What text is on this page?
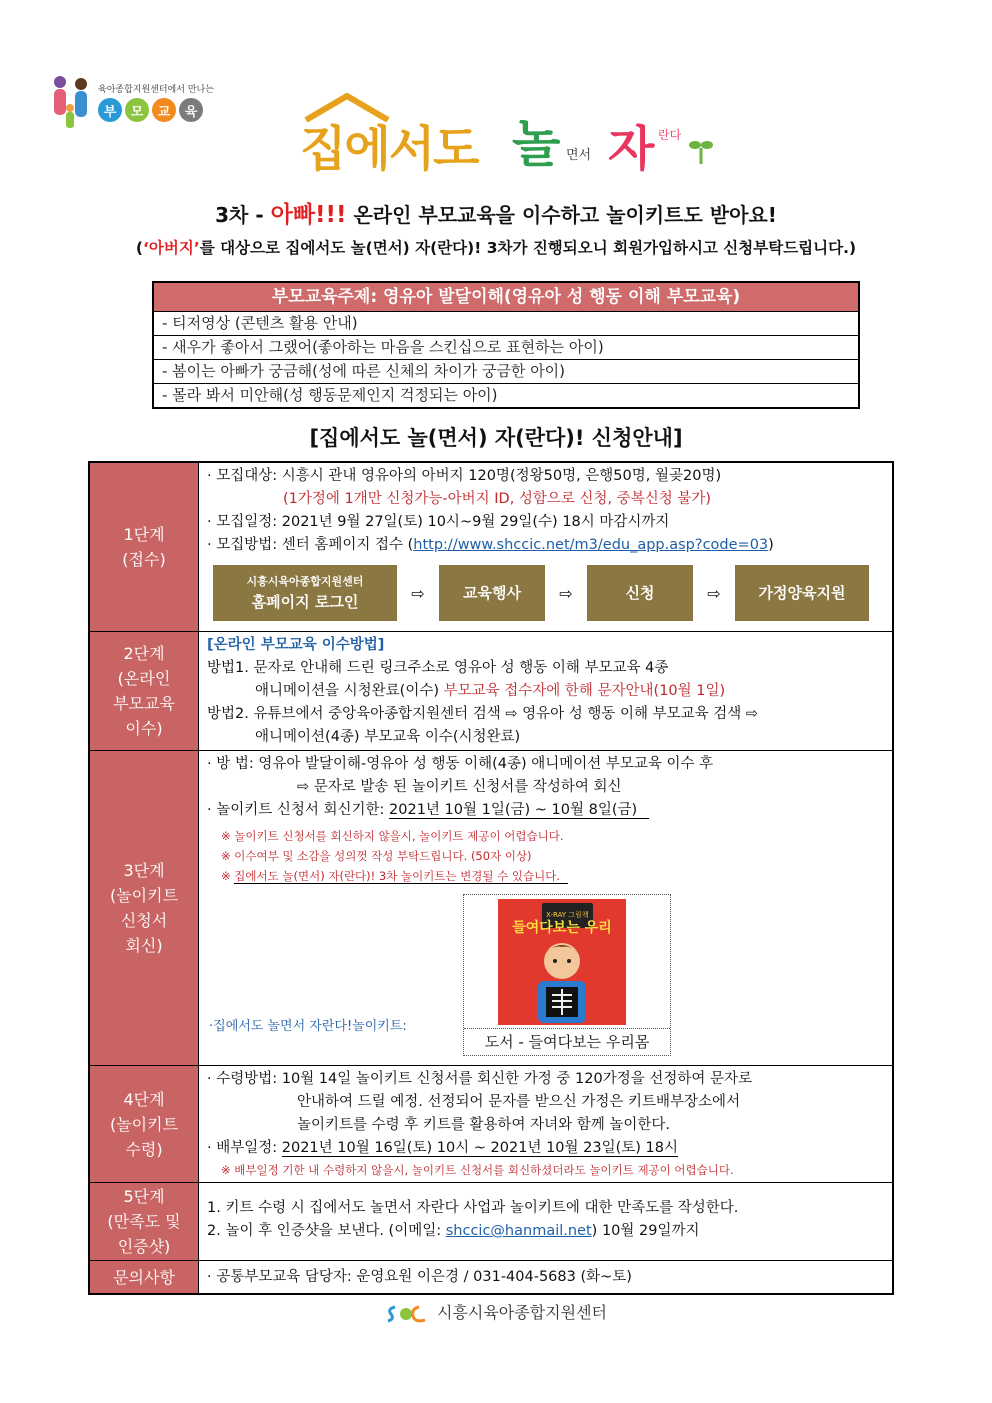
육아종합지원센터에서 만나는
부	모	교	육
집에서도 놀 면서 자 란다
3차 - 아빠!!! 온라인 부모교육을 이수하고 놀이키트도 받아요!
(‘아버지’를 대상으로 집에서도 놀(면서) 자(란다)! 3차가 진행되오니 회원가입하시고 신청부탁드립니다.)
부모교육주제: 영유아 발달이해(영유아 성 행동 이해 부모교육)
- 티저영상 (콘텐츠 활용 안내)
- 새우가 좋아서 그랬어(좋아하는 마음을 스킨십으로 표현하는 아이)
- 봄이는 아빠가 궁금해(성에 따른 신체의 차이가 궁금한 아이)
- 몰라 봐서 미안해(성 행동문제인지 걱정되는 아이)
[집에서도 놀(면서) 자(란다)! 신청안내]
1단계
(접수)
· 모집대상: 시흥시 관내 영유아의 아버지 120명(정왕50명, 은행50명, 월곶20명)
(1가정에 1개만 신청가능-아버지 ID, 성함으로 신청, 중복신청 불가)
· 모집일정: 2021년 9월 27일(토) 10시~9월 29일(수) 18시 마감시까지
· 모집방법: 센터 홈페이지 접수 (http://www.shccic.net/m3/edu_app.asp?code=03)
시흥시육아종합지원센터
홈페이지 로그인	⇨	교육행사	⇨	신청	⇨	가정양육지원
2단계
(온라인
부모교육
이수)
[온라인 부모교육 이수방법]
방법1. 문자로 안내해 드린 링크주소로 영유아 성 행동 이해 부모교육 4종
애니메이션을 시청완료(이수) 부모교육 접수자에 한해 문자안내(10월 1일)
방법2. 유튜브에서 중앙육아종합지원센터 검색 ⇨ 영유아 성 행동 이해 부모교육 검색 ⇨
애니메이션(4종) 부모교육 이수(시청완료)
3단계
(놀이키트
신청서
회신)
· 방 법: 영유아 발달이해-영유아 성 행동 이해(4종) 애니메이션 부모교육 이수 후
⇨ 문자로 발송 된 놀이키트 신청서를 작성하여 회신
· 놀이키트 신청서 회신기한: 2021년 10월 1일(금) ~ 10월 8일(금)
※ 놀이키트 신청서를 회신하지 않을시, 놀이키트 제공이 어렵습니다.
※ 이수여부 및 소감을 성의껏 작성 부탁드립니다. (50자 이상)
※ 집에서도 놀(면서) 자(란다)! 3차 놀이키트는 변경될 수 있습니다.
·집에서도 놀면서 자란다!놀이키트:
X-RAY 그림책
들여다보는 우리
도서 - 들여다보는 우리몸
4단계
(놀이키트
수령)
· 수령방법: 10월 14일 놀이키트 신청서를 회신한 가정 중 120가정을 선정하여 문자로
안내하여 드릴 예정. 선정되어 문자를 받으신 가정은 키트배부장소에서
놀이키트를 수령 후 키트를 활용하여 자녀와 함께 놀이한다.
· 배부일정: 2021년 10월 16일(토) 10시 ~ 2021년 10월 23일(토) 18시
※ 배부일정 기한 내 수령하지 않을시, 놀이키트 신청서를 회신하셨더라도 놀이키트 제공이 어렵습니다.
5단계
(만족도 및
인증샷)
1. 키트 수령 시 집에서도 놀면서 자란다 사업과 놀이키트에 대한 만족도를 작성한다.
2. 놀이 후 인증샷을 보낸다. (이메일: shccic@hanmail.net) 10월 29일까지
문의사항	· 공통부모교육 담당자: 운영요원 이은경 / 031-404-5683 (화~토)
시흥시육아종합지원센터
